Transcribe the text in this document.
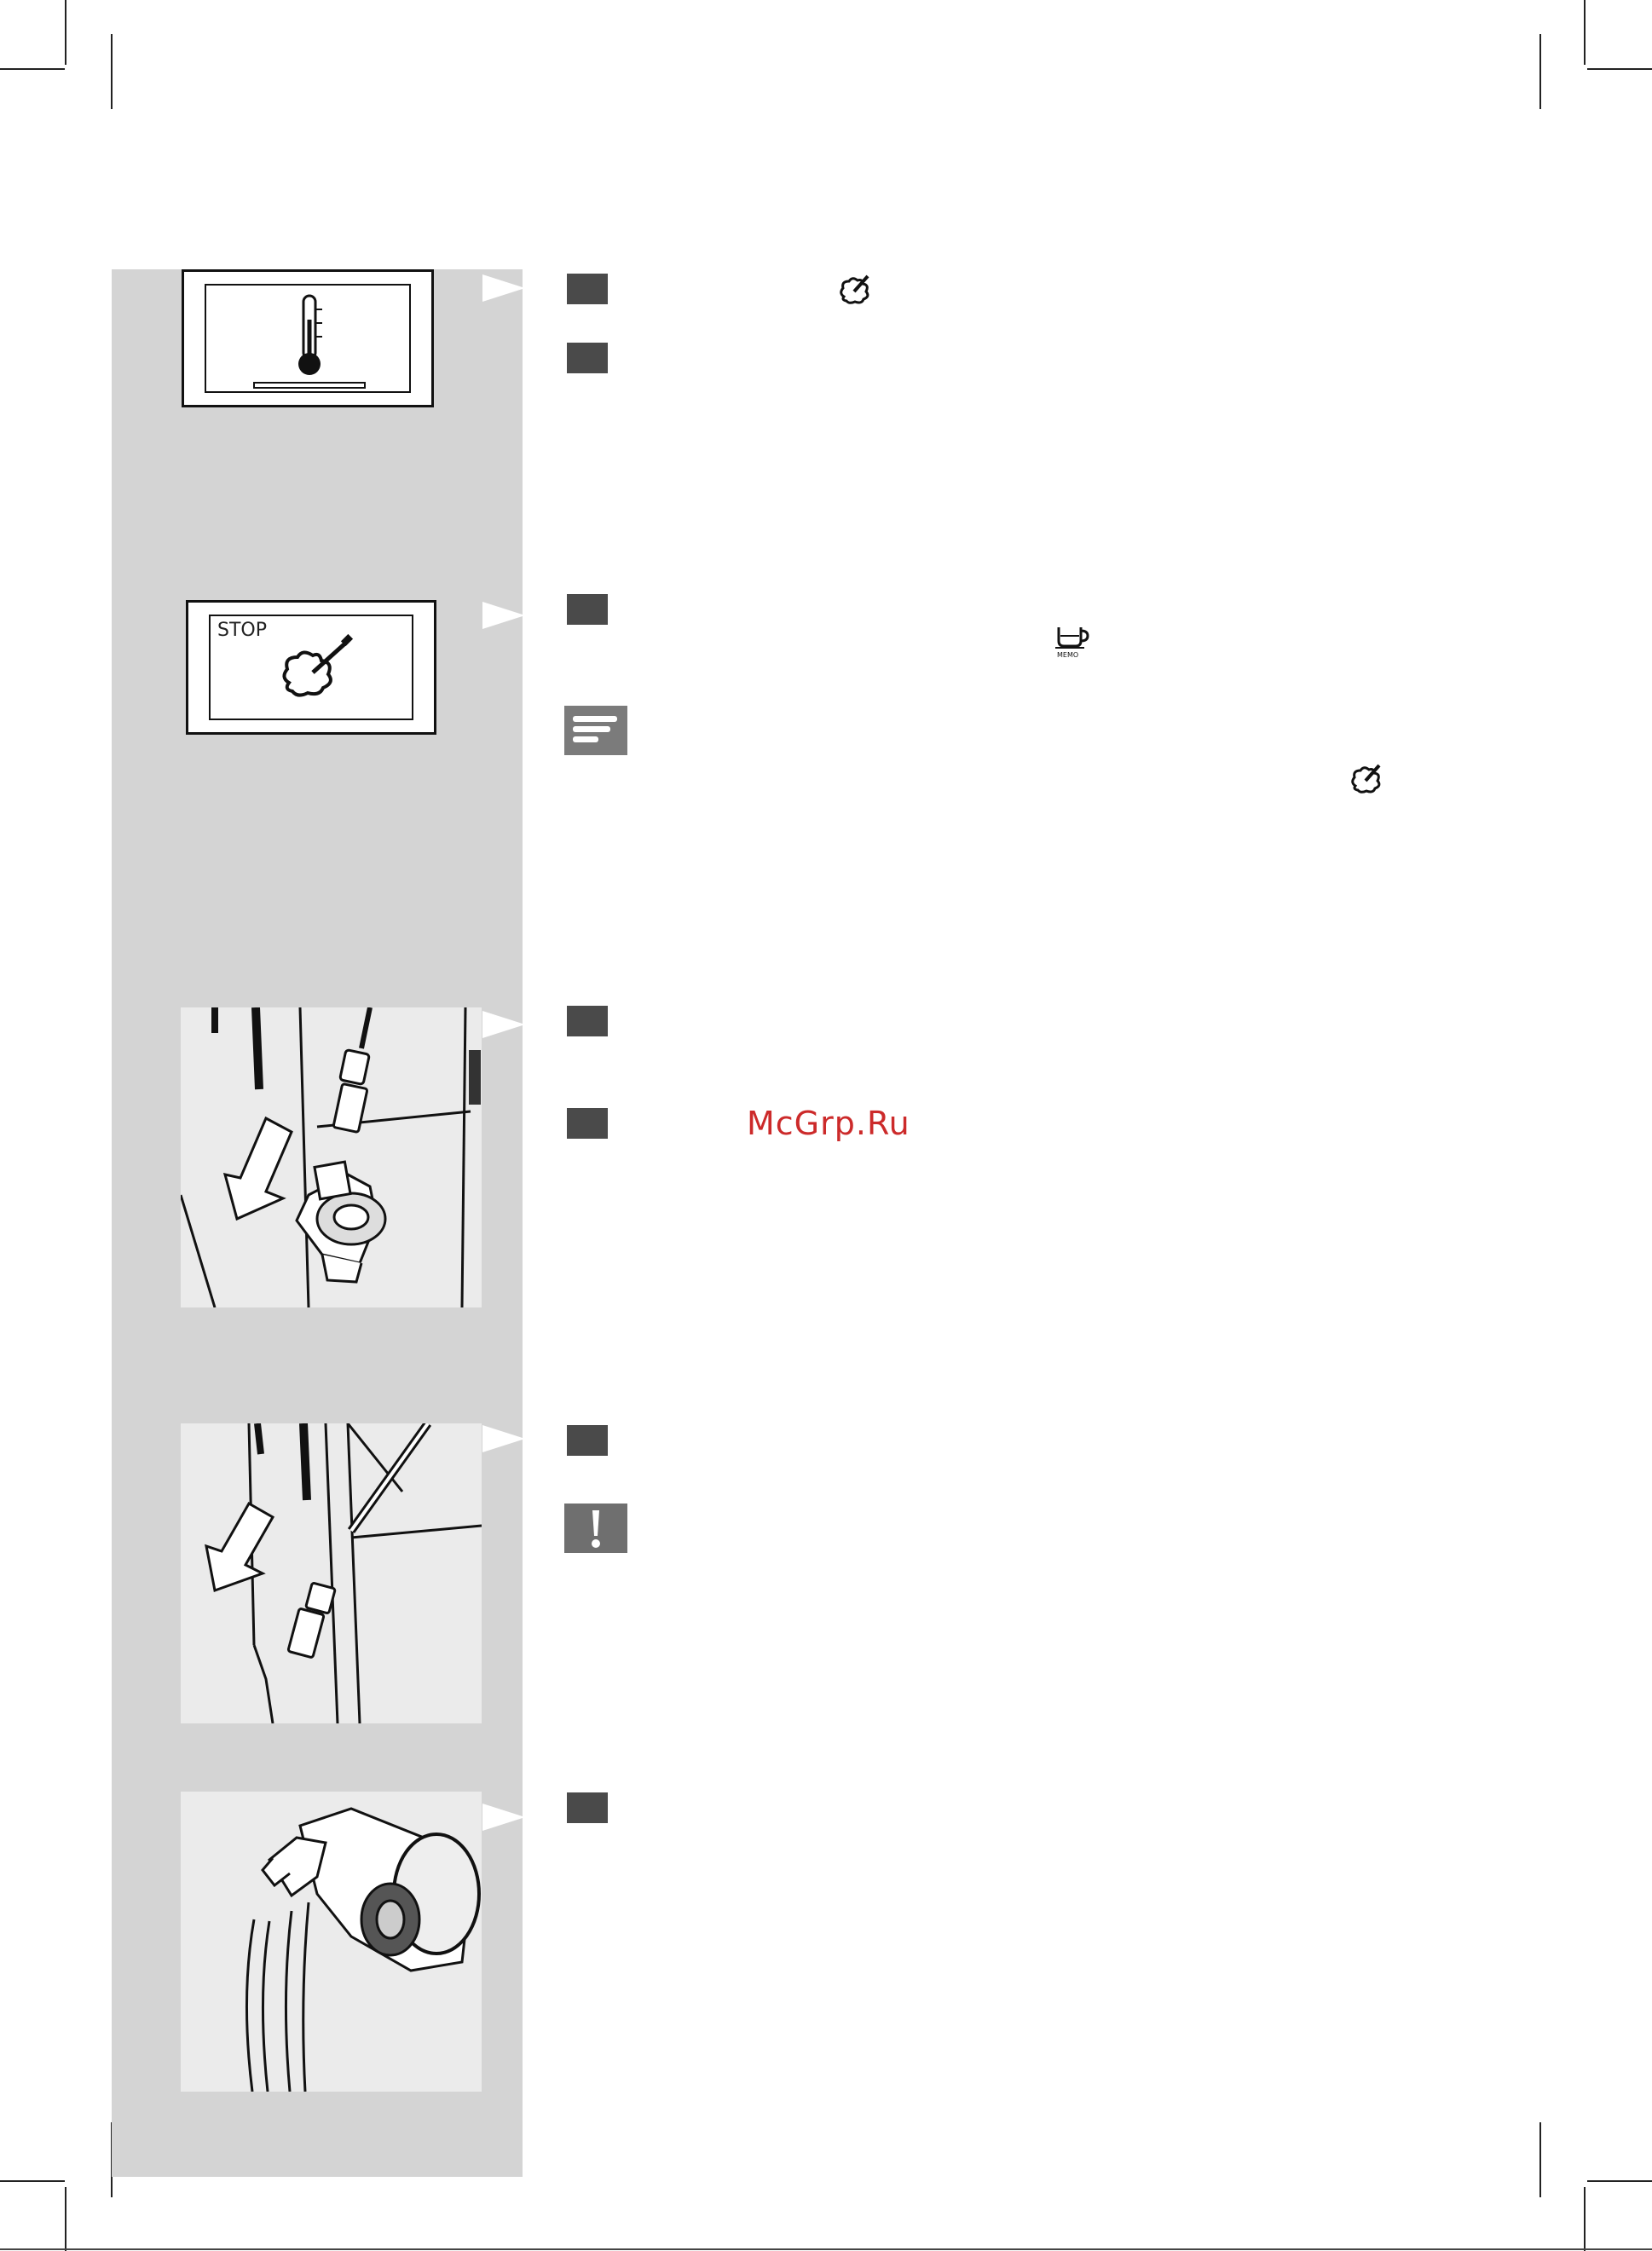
STOP
MEMO
McGrp.Ru
